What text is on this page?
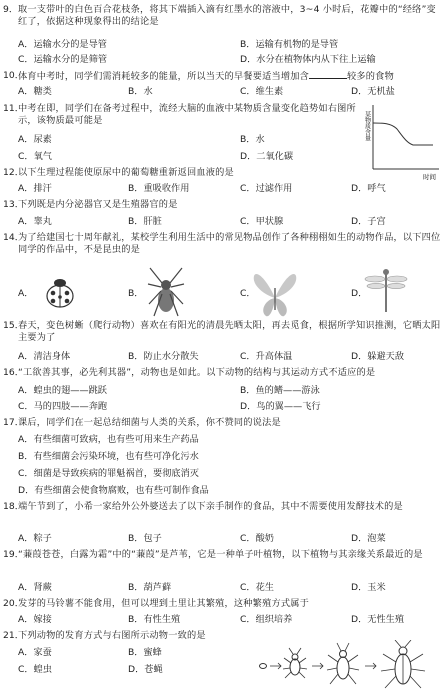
9． 取一支带叶的白色百合花枝条，将其下端插入滴有红墨水的溶液中，3~4 小时后，花瓣中的“经络”变红了，依据这种现象得出的结论是
A．运输水分的是导管	B．运输有机物的是导管
C．运输水分的是筛管	D．水分在植物体内从下往上运输
10．
体育中考时，同学们需消耗较多的能量，所以当天的早餐要适当增加含	较多的食物
A．糖类	B．水	C．维生素	D．无机盐
11．
中考在即，同学们在备考过程中，流经大脑的血液中某物质含量变化趋势如右图所示，该物质最可能是
A．尿素	B．水
C．氧气	D．二氧化碳
某物质含量
时间
12．
以下生理过程能使原尿中的葡萄糖重新返回血液的是
A．排汗	B．重吸收作用	C．过滤作用	D．呼气
13．
下列既是内分泌器官又是生殖器官的是
A．睾丸	B．肝脏	C．甲状腺	D．子宫
14．
为了给建国七十周年献礼，某校学生利用生活中的常见物品创作了各种栩栩如生的动物作品，以下四位同学的作品中，不是昆虫的是
A．	B．	C．	D．
15．
春天，变色树蜥（爬行动物）喜欢在有阳光的清晨先晒太阳，再去觅食，根据所学知识推测，它晒太阳主要为了
A．清洁身体	B．防止水分散失	C．升高体温	D．躲避天敌
16．
“工欲善其事，必先利其器”，动物也是如此。以下动物的结构与其运动方式不适应的是
A．蝗虫的翅——跳跃	B．鱼的鳍——游泳
C．马的四肢——奔跑	D．鸟的翼——飞行
17．
课后，同学们在一起总结细菌与人类的关系，你不赞同的说法是
A．有些细菌可致病，也有些可用来生产药品
B．有些细菌会污染环境，也有些可净化污水
C．细菌是导致疾病的罪魁祸首，要彻底消灭
D．有些细菌会使食物腐败，也有些可制作食品
18．
端午节到了，小希一家给外公外婆送去了以下亲手制作的食品，其中不需要使用发酵技术的是
A．粽子	B．包子	C．酸奶	D．泡菜
19．
“蒹葭苍苍，白露为霜”中的“蒹葭”是芦苇，它是一种单子叶植物，以下植物与其亲缘关系最近的是
A．肾蕨	B．葫芦藓	C．花生	D．玉米
20．
发芽的马铃薯不能食用，但可以埋到土里让其繁殖，这种繁殖方式属于
A．嫁接	B．有性生殖	C．组织培养	D．无性生殖
21．
下列动物的发育方式与右图所示动物一致的是
A．家蚕	B．蜜蜂
C．蝗虫	D．苍蝇
